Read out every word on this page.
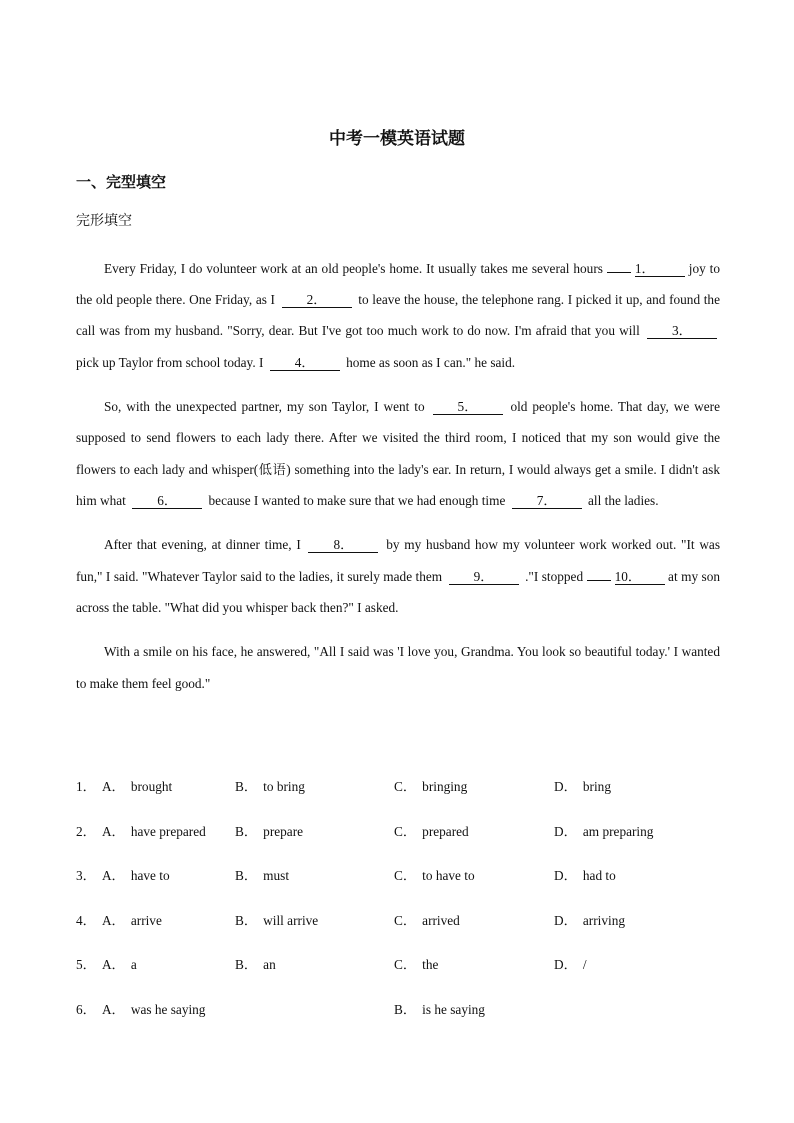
中考一模英语试题
一、完型填空
完形填空

Every Friday, I do volunteer work at an old people's home. It usually takes me several hours 1．	joy to the old people there. One Friday, as I 2． to leave the house, the telephone rang. I picked it up, and found the call was from my husband. "Sorry, dear. But I've got too much work to do now. I'm afraid that you will 3． pick up Taylor from school today. I 4． home as soon as I can." he said.

So, with the unexpected partner, my son Taylor, I went to 5． old people's home. That day, we were supposed to send flowers to each lady there. After we visited the third room, I noticed that my son would give the flowers to each lady and whisper(低语) something into the lady's ear. In return, I would always get a smile. I didn't ask him what 6． because I wanted to make sure that we had enough time 7． all the ladies.

After that evening, at dinner time, I 8． by my husband how my volunteer work worked out. "It was fun," I said. "Whatever Taylor said to the ladies, it surely made them 9． ."I stopped 10． at my son across the table. "What did you whisper back then?" I asked.

With a smile on his face, he answered, "All I said was 'I love you, Grandma. You look so beautiful today.' I wanted to make them feel good."

1． A． brought	B． to bring	C． bringing	D． bring
2． A． have prepared B． prepare	C． prepared	D． am preparing
3． A． have to	B． must	C． to have to	D． had to
4． A． arrive	B． will arrive	C． arrived	D． arriving
5． A． a	B． an	C． the	D． /
6． A． was he saying	B． is he saying
